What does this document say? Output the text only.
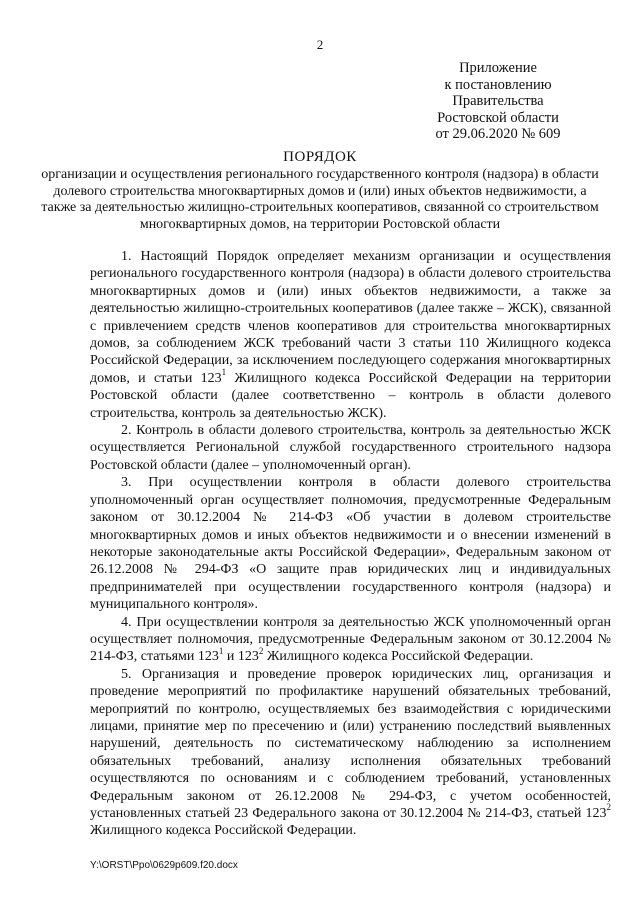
2
Приложение
к постановлению
Правительства
Ростовской области
от 29.06.2020 № 609
ПОРЯДОК
организации и осуществления регионального государственного контроля (надзора) в области долевого строительства многоквартирных домов и (или) иных объектов недвижимости, а также за деятельностью жилищно-строительных кооперативов, связанной со строительством многоквартирных домов, на территории Ростовской области

1. Настоящий Порядок определяет механизм организации и осуществления регионального государственного контроля (надзора) в области долевого строительства многоквартирных домов и (или) иных объектов недвижимости, а также за деятельностью жилищно-строительных кооперативов (далее также – ЖСК), связанной с привлечением средств членов кооперативов для строительства многоквартирных домов, за соблюдением ЖСК требований части 3 статьи 110 Жилищного кодекса Российской Федерации, за исключением последующего содержания многоквартирных домов, и статьи $123^1$ Жилищного кодекса Российской Федерации на территории Ростовской области (далее соответственно – контроль в области долевого строительства, контроль за деятельностью ЖСК).

2. Контроль в области долевого строительства, контроль за деятельностью ЖСК осуществляется Региональной службой государственного строительного надзора Ростовской области (далее – уполномоченный орган).

3. При осуществлении контроля в области долевого строительства уполномоченный орган осуществляет полномочия, предусмотренные Федеральным законом от 30.12.2004 № 214-ФЗ «Об участии в долевом строительстве многоквартирных домов и иных объектов недвижимости и о внесении изменений в некоторые законодательные акты Российской Федерации», Федеральным законом от 26.12.2008 № 294-ФЗ «О защите прав юридических лиц и индивидуальных предпринимателей при осуществлении государственного контроля (надзора) и муниципального контроля».

4. При осуществлении контроля за деятельностью ЖСК уполномоченный орган осуществляет полномочия, предусмотренные Федеральным законом от 30.12.2004 № 214-ФЗ, статьями $123^1$ и $123^2$ Жилищного кодекса Российской Федерации.

5. Организация и проведение проверок юридических лиц, организация и проведение мероприятий по профилактике нарушений обязательных требований, мероприятий по контролю, осуществляемых без взаимодействия с юридическими лицами, принятие мер по пресечению и (или) устранению последствий выявленных нарушений, деятельность по систематическому наблюдению за исполнением обязательных требований, анализу исполнения обязательных требований осуществляются по основаниям и с соблюдением требований, установленных Федеральным законом от 26.12.2008 № 294-ФЗ, с учетом особенностей, установленных статьей 23 Федерального закона от 30.12.2004 № 214-ФЗ, статьей $123^2$ Жилищного кодекса Российской Федерации.

Y:\ORST\Ppo\0629p609.f20.docx
